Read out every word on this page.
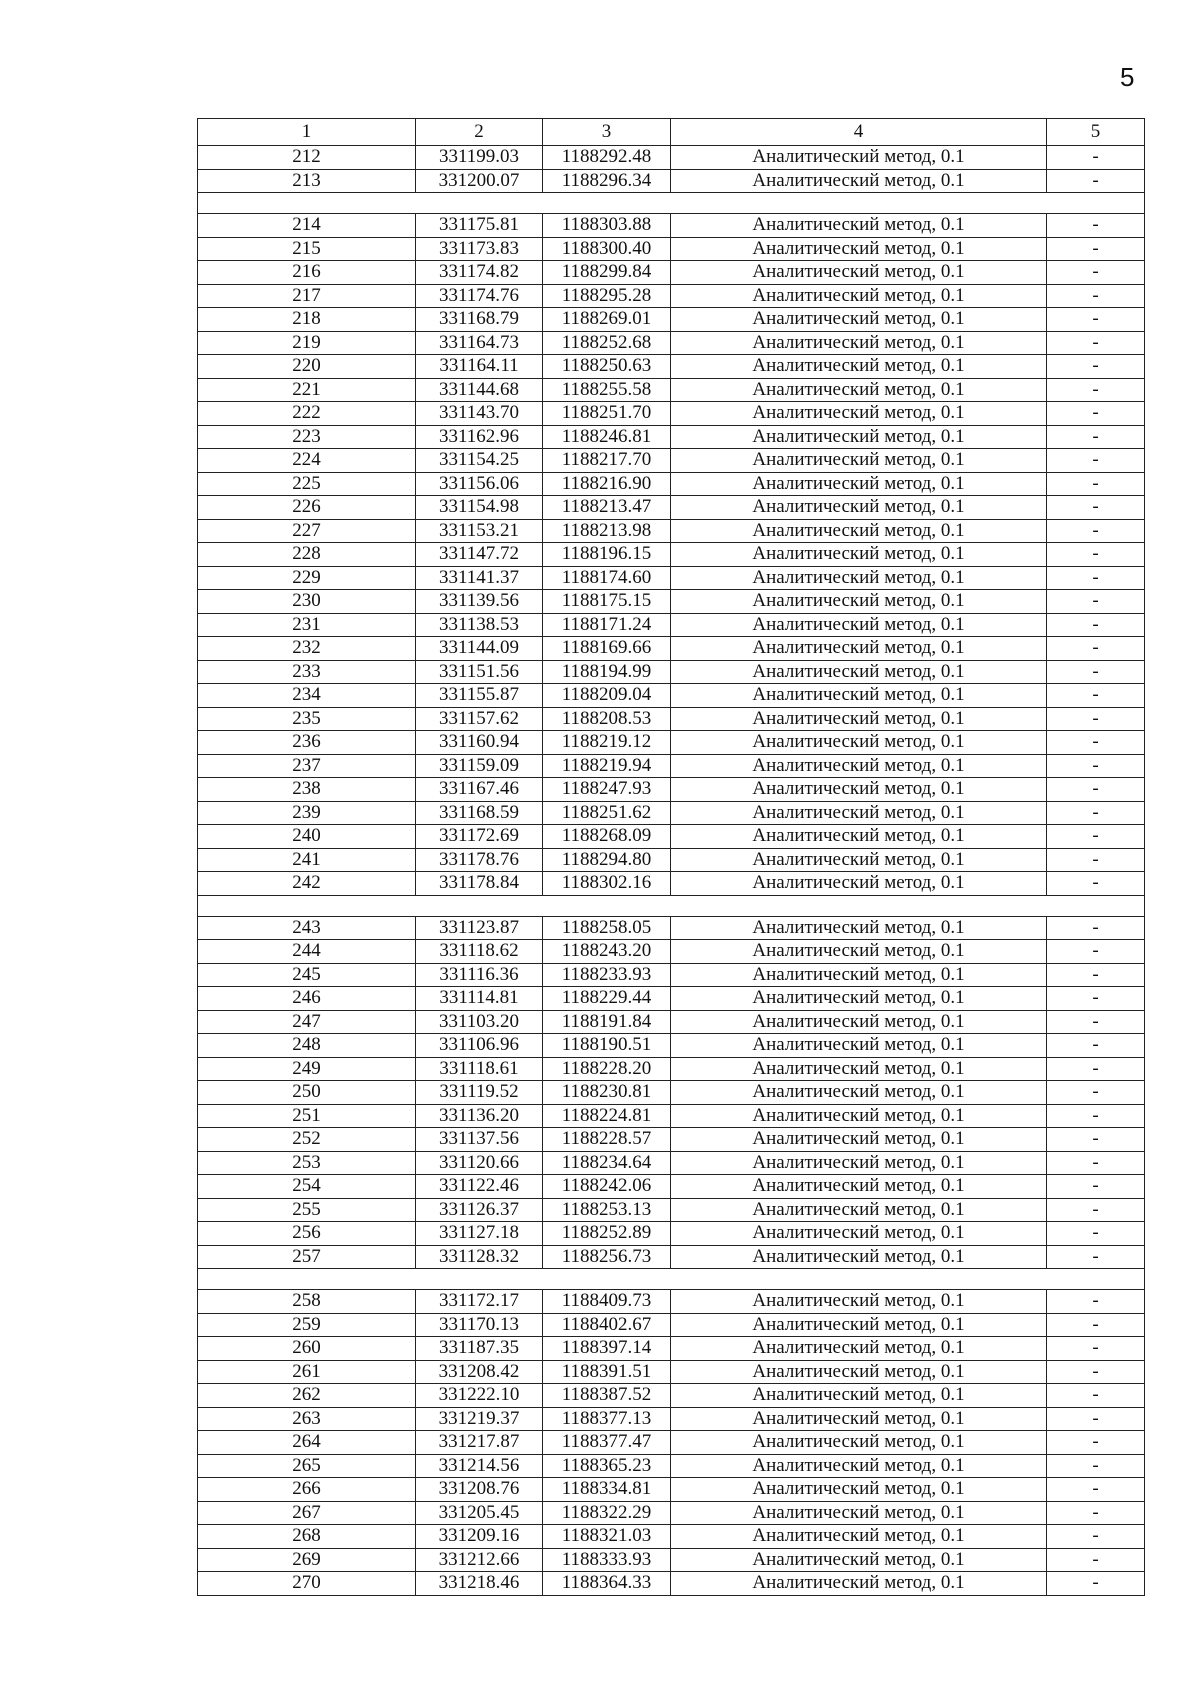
5
1	2	3	4	5
212	331199.03	1188292.48	Аналитический метод, 0.1	-
213	331200.07	1188296.34	Аналитический метод, 0.1	-

214	331175.81	1188303.88	Аналитический метод, 0.1	-
215	331173.83	1188300.40	Аналитический метод, 0.1	-
216	331174.82	1188299.84	Аналитический метод, 0.1	-
217	331174.76	1188295.28	Аналитический метод, 0.1	-
218	331168.79	1188269.01	Аналитический метод, 0.1	-
219	331164.73	1188252.68	Аналитический метод, 0.1	-
220	331164.11	1188250.63	Аналитический метод, 0.1	-
221	331144.68	1188255.58	Аналитический метод, 0.1	-
222	331143.70	1188251.70	Аналитический метод, 0.1	-
223	331162.96	1188246.81	Аналитический метод, 0.1	-
224	331154.25	1188217.70	Аналитический метод, 0.1	-
225	331156.06	1188216.90	Аналитический метод, 0.1	-
226	331154.98	1188213.47	Аналитический метод, 0.1	-
227	331153.21	1188213.98	Аналитический метод, 0.1	-
228	331147.72	1188196.15	Аналитический метод, 0.1	-
229	331141.37	1188174.60	Аналитический метод, 0.1	-
230	331139.56	1188175.15	Аналитический метод, 0.1	-
231	331138.53	1188171.24	Аналитический метод, 0.1	-
232	331144.09	1188169.66	Аналитический метод, 0.1	-
233	331151.56	1188194.99	Аналитический метод, 0.1	-
234	331155.87	1188209.04	Аналитический метод, 0.1	-
235	331157.62	1188208.53	Аналитический метод, 0.1	-
236	331160.94	1188219.12	Аналитический метод, 0.1	-
237	331159.09	1188219.94	Аналитический метод, 0.1	-
238	331167.46	1188247.93	Аналитический метод, 0.1	-
239	331168.59	1188251.62	Аналитический метод, 0.1	-
240	331172.69	1188268.09	Аналитический метод, 0.1	-
241	331178.76	1188294.80	Аналитический метод, 0.1	-
242	331178.84	1188302.16	Аналитический метод, 0.1	-

243	331123.87	1188258.05	Аналитический метод, 0.1	-
244	331118.62	1188243.20	Аналитический метод, 0.1	-
245	331116.36	1188233.93	Аналитический метод, 0.1	-
246	331114.81	1188229.44	Аналитический метод, 0.1	-
247	331103.20	1188191.84	Аналитический метод, 0.1	-
248	331106.96	1188190.51	Аналитический метод, 0.1	-
249	331118.61	1188228.20	Аналитический метод, 0.1	-
250	331119.52	1188230.81	Аналитический метод, 0.1	-
251	331136.20	1188224.81	Аналитический метод, 0.1	-
252	331137.56	1188228.57	Аналитический метод, 0.1	-
253	331120.66	1188234.64	Аналитический метод, 0.1	-
254	331122.46	1188242.06	Аналитический метод, 0.1	-
255	331126.37	1188253.13	Аналитический метод, 0.1	-
256	331127.18	1188252.89	Аналитический метод, 0.1	-
257	331128.32	1188256.73	Аналитический метод, 0.1	-

258	331172.17	1188409.73	Аналитический метод, 0.1	-
259	331170.13	1188402.67	Аналитический метод, 0.1	-
260	331187.35	1188397.14	Аналитический метод, 0.1	-
261	331208.42	1188391.51	Аналитический метод, 0.1	-
262	331222.10	1188387.52	Аналитический метод, 0.1	-
263	331219.37	1188377.13	Аналитический метод, 0.1	-
264	331217.87	1188377.47	Аналитический метод, 0.1	-
265	331214.56	1188365.23	Аналитический метод, 0.1	-
266	331208.76	1188334.81	Аналитический метод, 0.1	-
267	331205.45	1188322.29	Аналитический метод, 0.1	-
268	331209.16	1188321.03	Аналитический метод, 0.1	-
269	331212.66	1188333.93	Аналитический метод, 0.1	-
270	331218.46	1188364.33	Аналитический метод, 0.1	-
